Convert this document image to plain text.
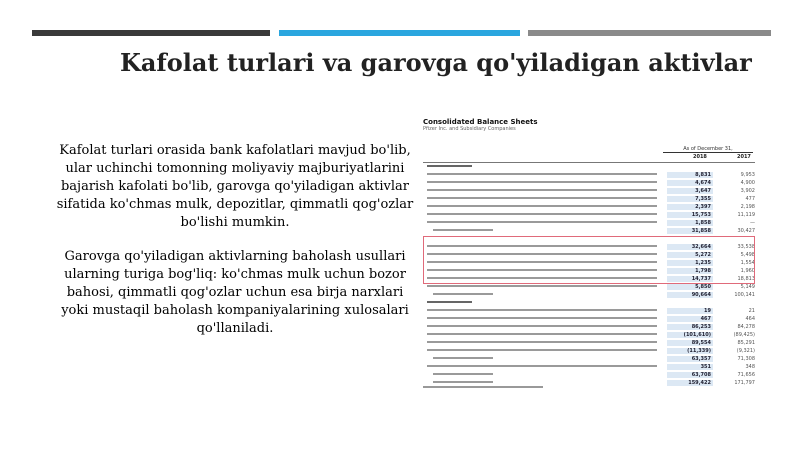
Kafolat turlari va garovga qo'yiladigan aktivlar

Kafolat turlari orasida bank kafolatlari mavjud bo'lib, ular uchinchi tomonning moliyaviy majburiyatlarini bajarish kafolati bo'lib, garovga qo'yiladigan aktivlar sifatida ko'chmas mulk, depozitlar, qimmatli qog'ozlar bo'lishi mumkin.

Garovga qo'yiladigan aktivlarning baholash usullari ularning turiga bog'liq: ko'chmas mulk uchun bozor bahosi, qimmatli qog'ozlar uchun esa birja narxlari yoki mustaqil baholash kompaniyalarining xulosalari qo'llaniladi.

Consolidated Balance Sheets
Pfizer Inc. and Subsidiary Companies
As of December 31,
2018	2017
8,831	9,953
4,674	4,900
3,647	3,902
7,355	477
2,397	2,198
15,753	11,119
1,858	—
31,858	30,427
32,664	33,538
5,272	5,498
1,235	1,554
1,798	1,960
14,737	18,813
5,850	5,149
90,664	100,141
19	21
467	464
86,253	84,278
(101,610)	(89,425)
89,554	85,291
(11,339)	(9,321)
63,357	71,308
351	348
63,708	71,656
159,422	171,797
